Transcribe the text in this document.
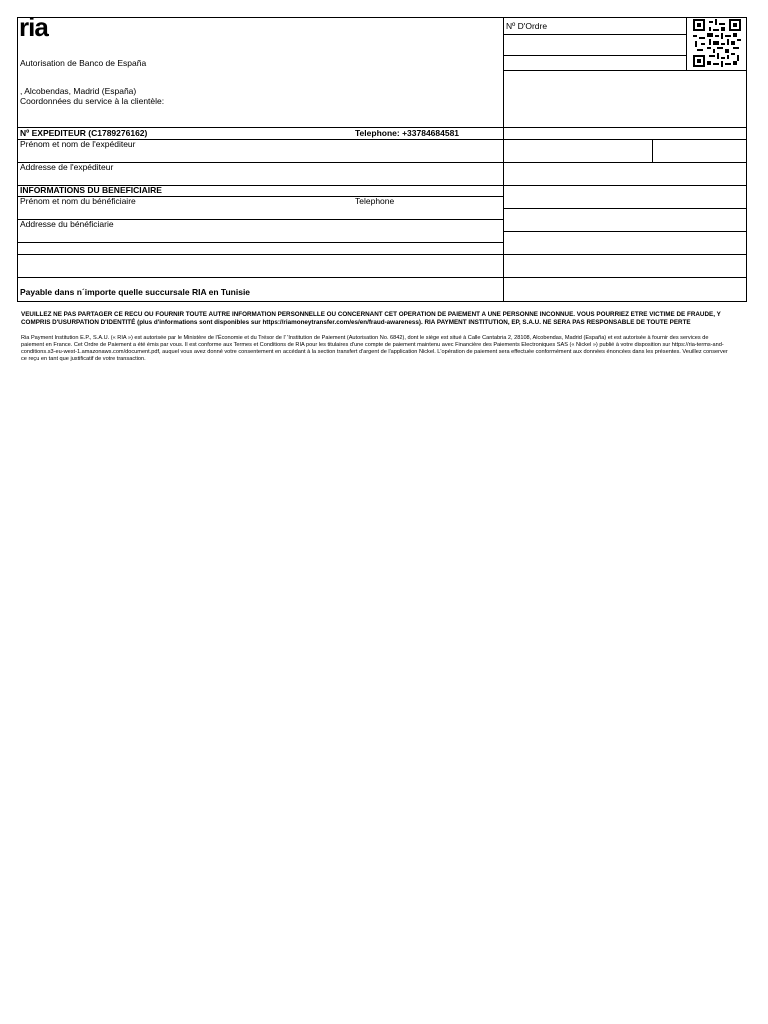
ria
Autorisation de Banco de España
, Alcobendas, Madrid (España)
Coordonnées du service à la clientèle:
Nº D'Ordre
Nº EXPEDITEUR (C1789276162)	Telephone: +33784684581
Prénom et nom de l'expéditeur
Addresse de l'expéditeur
INFORMATIONS DU BENEFICIAIRE
Prénom et nom du bénéficiaire	Telephone
Addresse du bénéficiarie
Payable dans n´importe quelle succursale RIA en Tunisie
VEUILLEZ NE PAS PARTAGER CE RECU OU FOURNIR TOUTE AUTRE INFORMATION PERSONNELLE OU CONCERNANT CET OPERATION DE PAIEMENT A UNE PERSONNE INCONNUE. VOUS POURRIEZ ETRE VICTIME DE FRAUDE, Y COMPRIS D'USURPATION D'IDENTITÉ (plus d'informations sont disponibles sur https://riamoneytransfer.com/es/en/fraud-awareness). RIA PAYMENT INSTITUTION, EP, S.A.U. NE SERA PAS RESPONSABLE DE TOUTE PERTE
Ria Payment Institution E.P., S.A.U. (« RIA ») est autorisée par le Ministère de l'Économie et du Trésor de l' 'Institution de Paiement (Autorisation No. 6842), dont le siège est situé à Calle Cantabria 2, 28108, Alcobendas, Madrid (España) et est autorisée à fournir des services de paiement en France. Cet Ordre de Paiement a été émis par vous. Il est conforme aux Termes et Conditions de RIA pour les titulaires d'une compte de paiement maintenu avec Financière des Paiements Electroniques SAS (« Nickel ») publié à votre disposition sur https://ria-terms-and-conditions.s3-eu-west-1.amazonaws.com/document.pdf, auquel vous avez donné votre consentement en accédant à la section transfert d'argent de l'application Nickel. L'opération de paiement sera effectuée conformément aux données énoncées dans les présentes. Veuillez conserver ce reçu en tant que justificatif de votre transaction.
